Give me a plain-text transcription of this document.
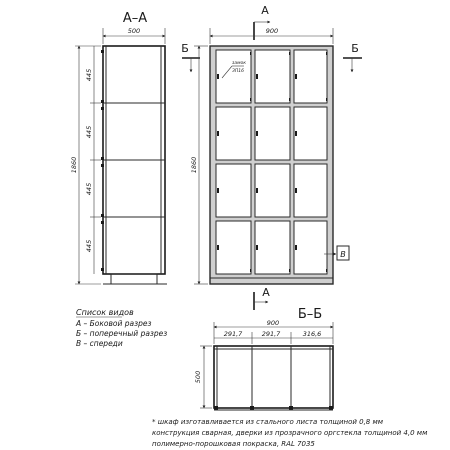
А–А
500
1860
445
445
445
445
А
900
Б	Б
замок
ЗП16
1860
В
А
Б–Б
900
291,7	291,7	316,6
500
Список видов
А – Боковой разрез
Б – поперечный разрез
В – спереди
* шкаф изготавливается из стального листа толщиной 0,8 мм
конструкция сварная, дверки из прозрачного оргстекла толщиной 4,0 мм
полимерно-порошковая покраска, RAL 7035
